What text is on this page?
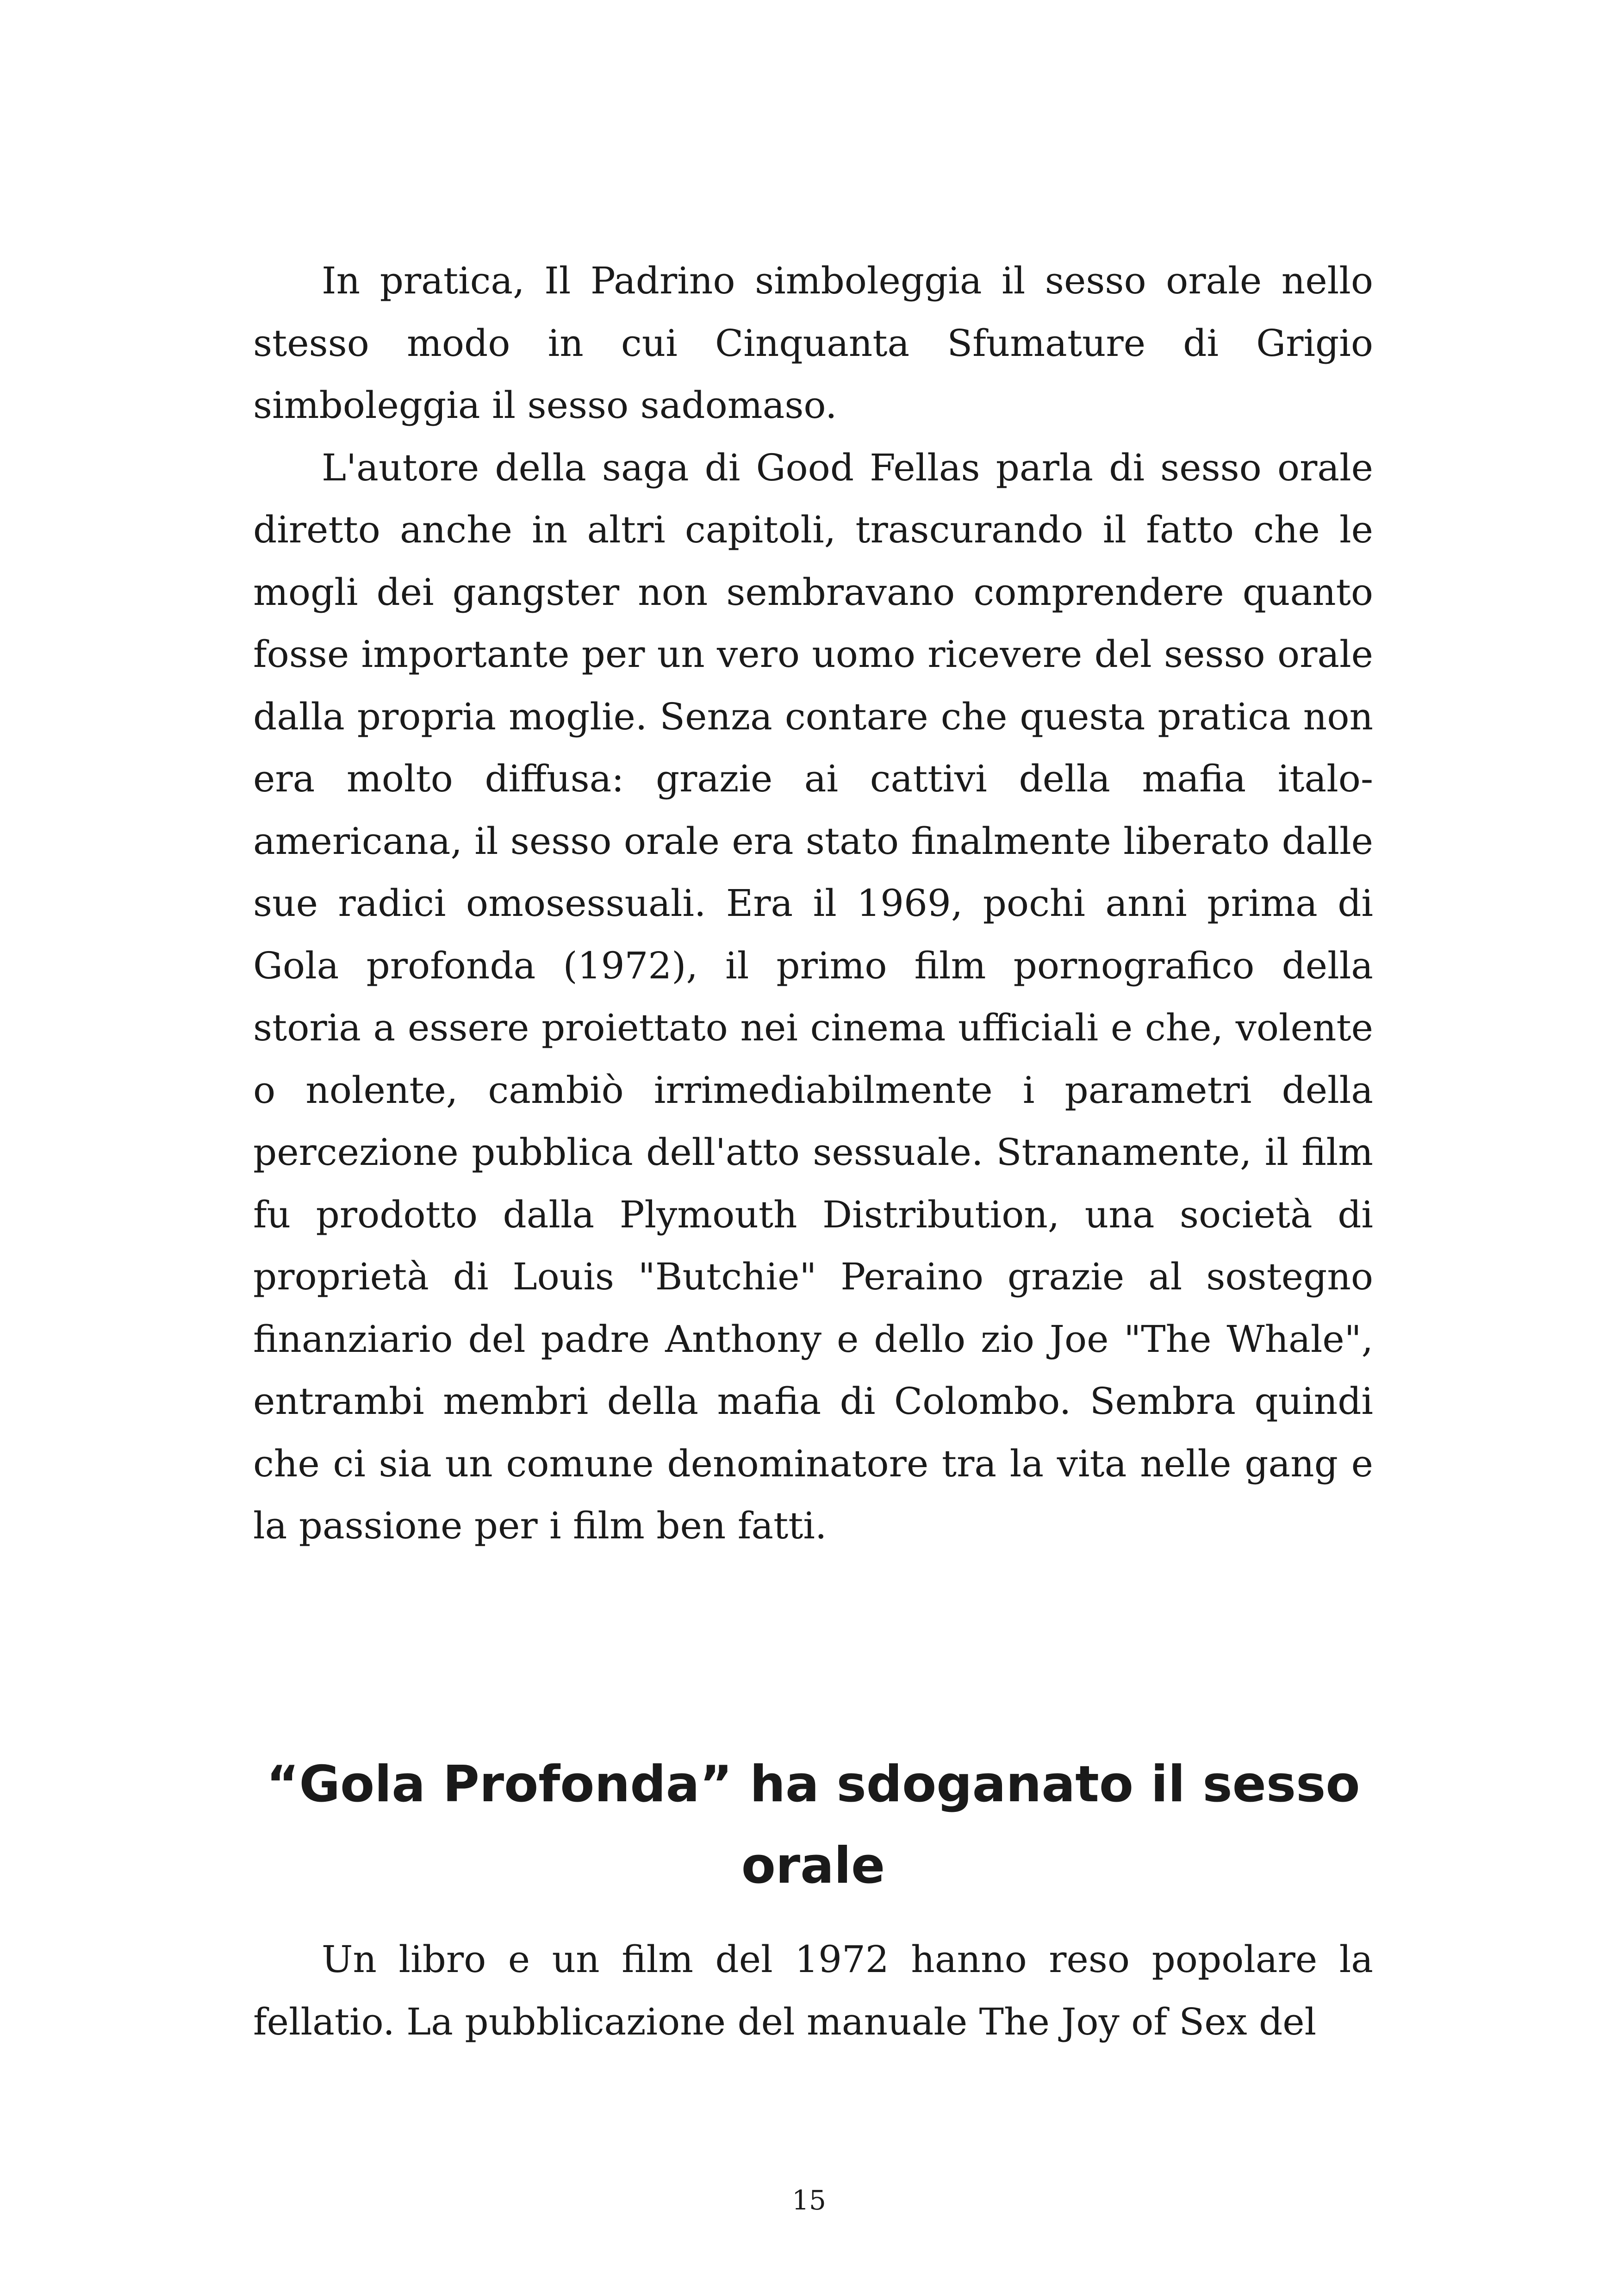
In pratica, Il Padrino simboleggia il sesso orale nello stesso modo in cui Cinquanta Sfumature di Grigio simboleggia il sesso sadomaso.

L'autore della saga di Good Fellas parla di sesso orale diretto anche in altri capitoli, trascurando il fatto che le mogli dei gangster non sembravano comprendere quanto fosse importante per un vero uomo ricevere del sesso orale dalla propria moglie. Senza contare che questa pratica non era molto diffusa: grazie ai cattivi della mafia italo-americana, il sesso orale era stato finalmente liberato dalle sue radici omosessuali. Era il 1969, pochi anni prima di Gola profonda (1972), il primo film pornografico della storia a essere proiettato nei cinema ufficiali e che, volente o nolente, cambiò irrimediabilmente i parametri della percezione pubblica dell'atto sessuale. Stranamente, il film fu prodotto dalla Plymouth Distribution, una società di proprietà di Louis "Butchie" Peraino grazie al sostegno finanziario del padre Anthony e dello zio Joe "The Whale", entrambi membri della mafia di Colombo. Sembra quindi che ci sia un comune denominatore tra la vita nelle gang e la passione per i film ben fatti.

“Gola Profonda” ha sdoganato il sesso orale

Un libro e un film del 1972 hanno reso popolare la fellatio. La pubblicazione del manuale The Joy of Sex del

15
